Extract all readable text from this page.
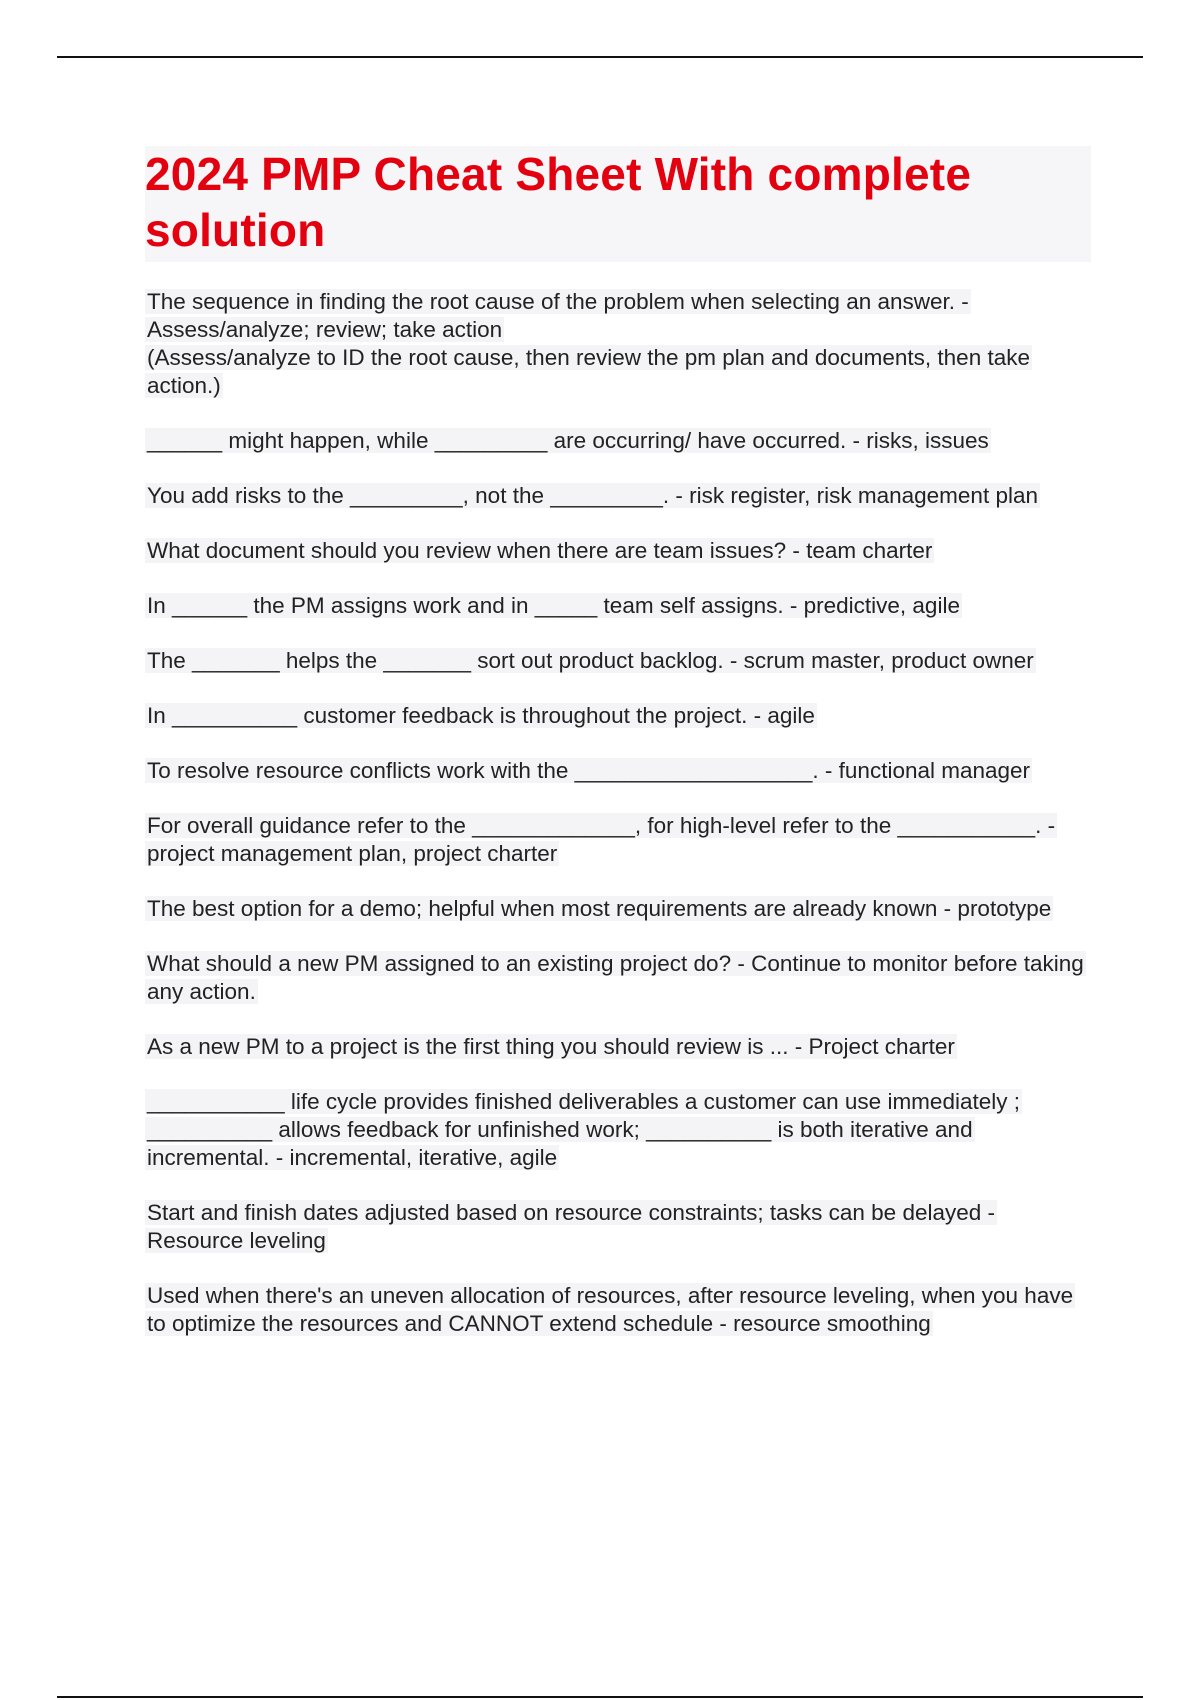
2024 PMP Cheat Sheet With complete solution
The sequence in finding the root cause of the problem when selecting an answer. - Assess/analyze; review; take action
(Assess/analyze to ID the root cause, then review the pm plan and documents, then take action.)
______ might happen, while _________ are occurring/ have occurred. - risks, issues
You add risks to the _________, not the _________. - risk register, risk management plan
What document should you review when there are team issues? - team charter
In ______ the PM assigns work and in _____ team self assigns. - predictive, agile
The _______ helps the _______ sort out product backlog. - scrum master, product owner
In __________ customer feedback is throughout the project. - agile
To resolve resource conflicts work with the ___________________. - functional manager
For overall guidance refer to the _____________, for high-level refer to the ___________. - project management plan, project charter
The best option for a demo; helpful when most requirements are already known - prototype
What should a new PM assigned to an existing project do? - Continue to monitor before taking any action.
As a new PM to a project is the first thing you should review is ... - Project charter
___________ life cycle provides finished deliverables a customer can use immediately ; __________ allows feedback for unfinished work; __________ is both iterative and incremental. - incremental, iterative, agile
Start and finish dates adjusted based on resource constraints; tasks can be delayed - Resource leveling
Used when there's an uneven allocation of resources, after resource leveling, when you have to optimize the resources and CANNOT extend schedule - resource smoothing
